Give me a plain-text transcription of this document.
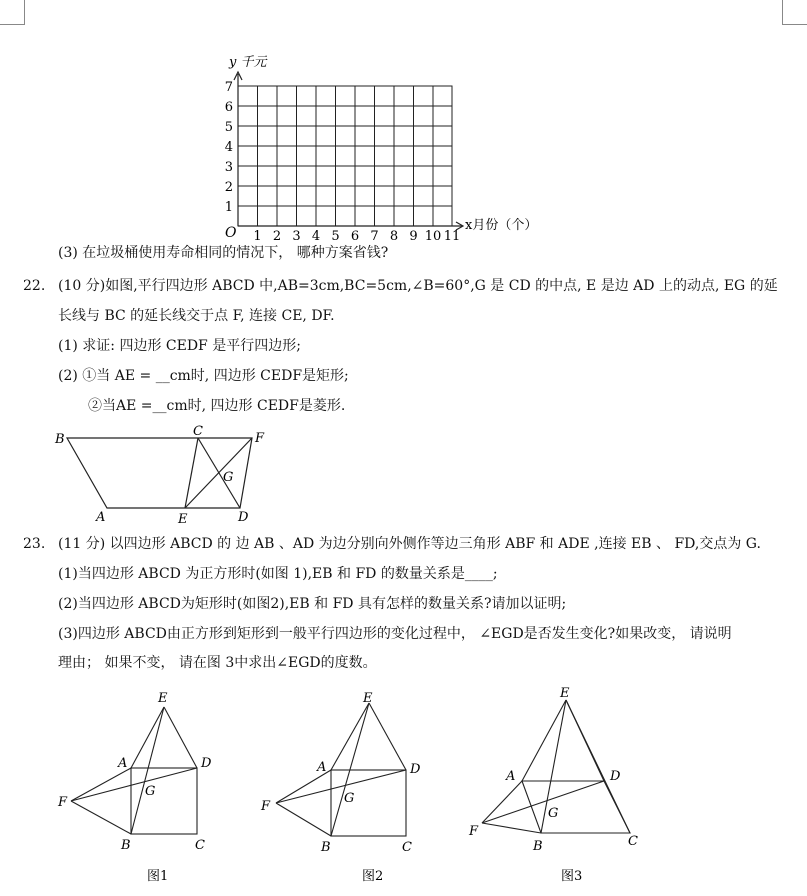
y 千元
O	x月份（个）
1
2
3
4
5
6
7
1 2 3 4 5 6 7 8 9 10 11
(3) 在垃圾桶使用寿命相同的情况下， 哪种方案省钱?
22. (10 分)如图,平行四边形 ABCD 中,AB=3cm,BC=5cm,∠B=60°,G 是 CD 的中点, E 是边 AD 上的动点, EG 的延
长线与 BC 的延长线交于点 F, 连接 CE, DF.
(1) 求证: 四边形 CEDF 是平行四边形;
(2) ①当 AE = __cm时, 四边形 CEDF是矩形;
②当AE =__cm时, 四边形 CEDF是菱形.
B
C	F
G
A	E	D
23. (11 分) 以四边形 ABCD 的 边 AB 、AD 为边分别向外侧作等边三角形 ABF 和 ADE ,连接 EB 、 FD,交点为 G.
(1)当四边形 ABCD 为正方形时(如图 1),EB 和 FD 的数量关系是____;
(2)当四边形 ABCD为矩形时(如图2),EB 和 FD 具有怎样的数量关系?请加以证明;
(3)四边形 ABCD由正方形到矩形到一般平行四边形的变化过程中， ∠EGD是否发生变化?如果改变， 请说明
理由； 如果不变， 请在图 3中求出∠EGD的度数。
E
A	D
F
G
B	C
图1
E
A	D
F
G
B	C
图2
E
A	D
F
G
B	C
图3
